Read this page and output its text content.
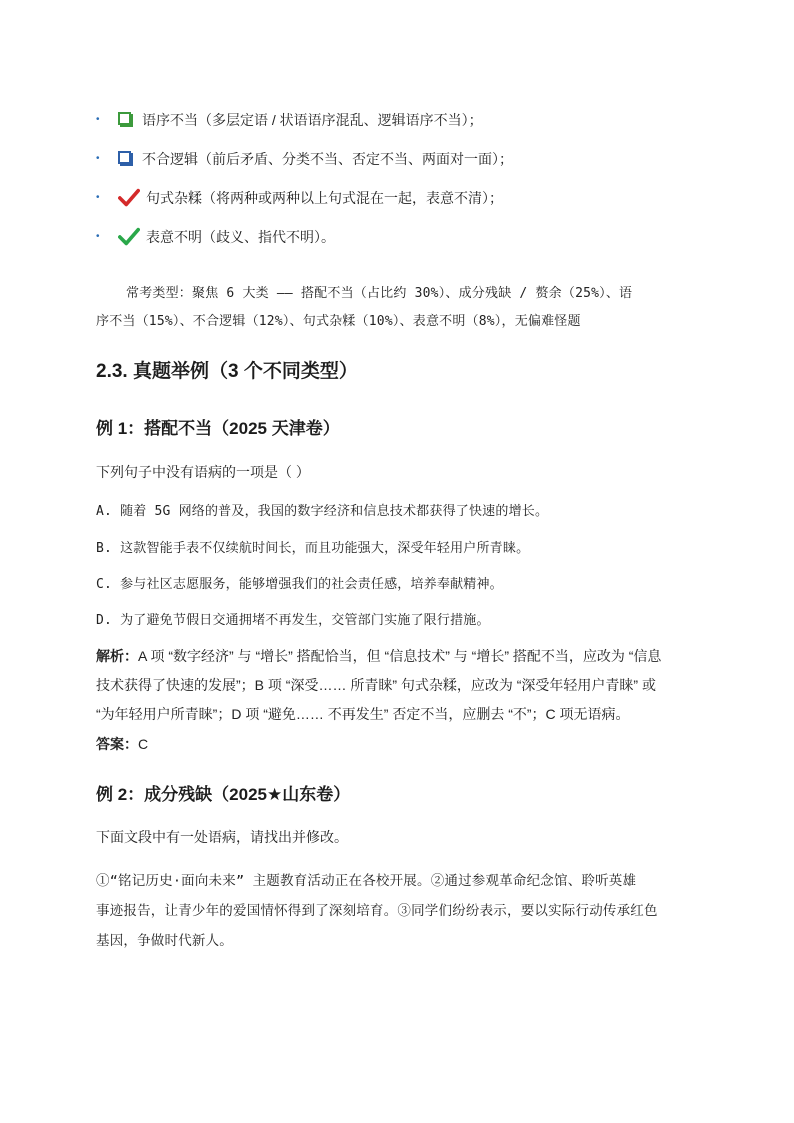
•	语序不当（多层定语 / 状语语序混乱、逻辑语序不当）；
•	不合逻辑（前后矛盾、分类不当、否定不当、两面对一面）；
•	句式杂糅（将两种或两种以上句式混在一起，表意不清）；
•	表意不明（歧义、指代不明）。
常考类型：聚焦 6 大类 —— 搭配不当（占比约 30%）、成分残缺 / 赘余（25%）、语
序不当（15%）、不合逻辑（12%）、句式杂糅（10%）、表意不明（8%），无偏难怪题
2.3. 真题举例（3 个不同类型）
例 1：搭配不当（2025 天津卷）
下列句子中没有语病的一项是（ ）
A. 随着 5G 网络的普及，我国的数字经济和信息技术都获得了快速的增长。
B. 这款智能手表不仅续航时间长，而且功能强大，深受年轻用户所青睐。
C. 参与社区志愿服务，能够增强我们的社会责任感，培养奉献精神。
D. 为了避免节假日交通拥堵不再发生，交管部门实施了限行措施。
解析：A 项 “数字经济” 与 “增长” 搭配恰当，但 “信息技术” 与 “增长” 搭配不当，应改为 “信息
技术获得了快速的发展”；B 项 “深受…… 所青睐” 句式杂糅，应改为 “深受年轻用户青睐” 或
“为年轻用户所青睐”；D 项 “避免…… 不再发生” 否定不当，应删去 “不”；C 项无语病。
答案：C
例 2：成分残缺（2025★山东卷）
下面文段中有一处语病，请找出并修改。
①“铭记历史·面向未来” 主题教育活动正在各校开展。②通过参观革命纪念馆、聆听英雄
事迹报告，让青少年的爱国情怀得到了深刻培育。③同学们纷纷表示，要以实际行动传承红色
基因，争做时代新人。
